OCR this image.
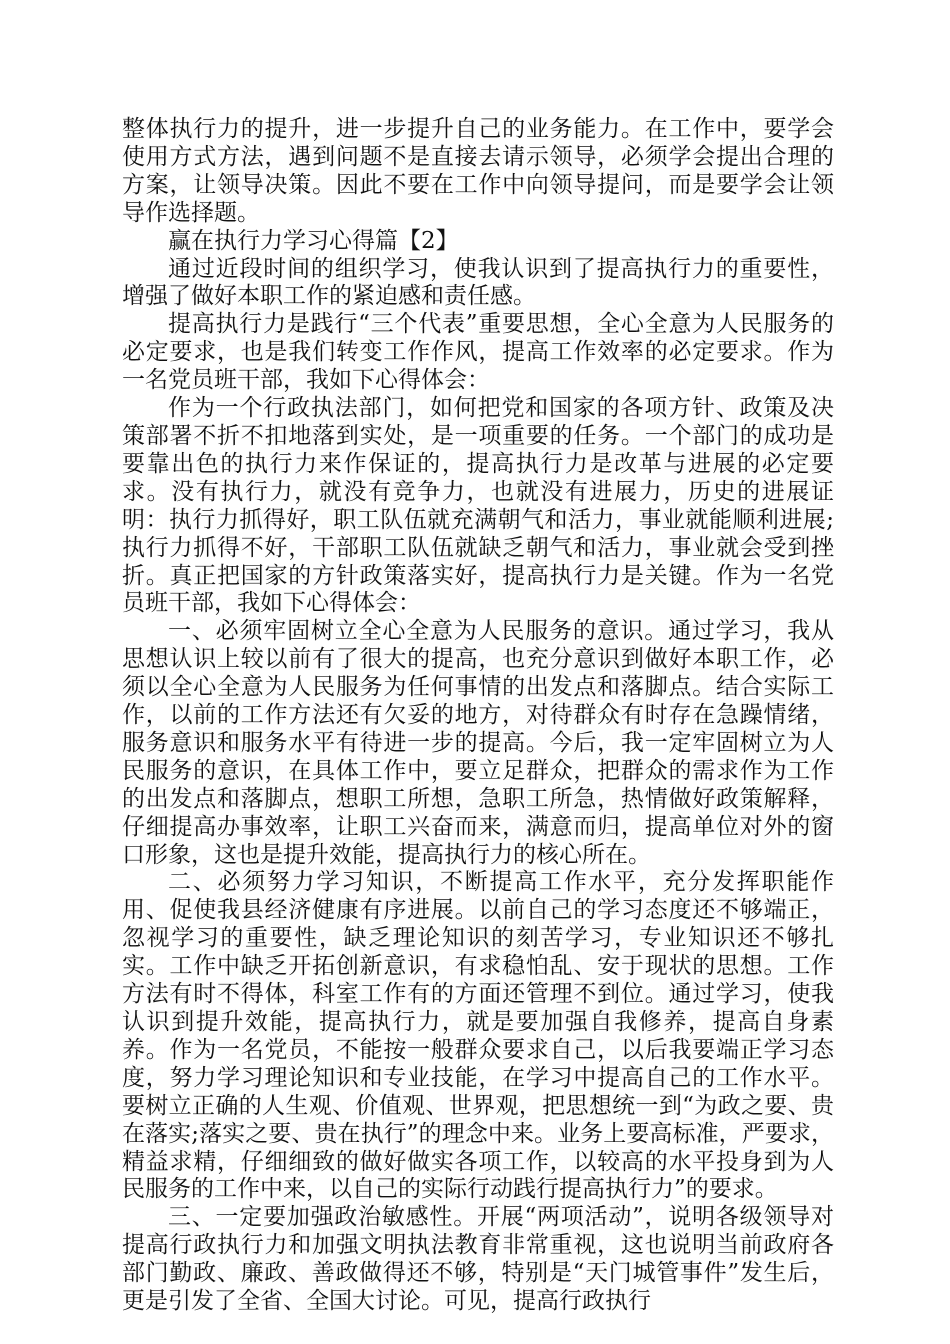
整体执行力的提升，进一步提升自己的业务能力。在工作中，要学会使用方式方法，遇到问题不是直接去请示领导，必须学会提出合理的方案，让领导决策。因此不要在工作中向领导提问，而是要学会让领导作选择题。

赢在执行力学习心得篇【2】

通过近段时间的组织学习，使我认识到了提高执行力的重要性，增强了做好本职工作的紧迫感和责任感。

提高执行力是践行“三个代表”重要思想，全心全意为人民服务的必定要求，也是我们转变工作作风，提高工作效率的必定要求。作为一名党员班干部，我如下心得体会：

作为一个行政执法部门，如何把党和国家的各项方针、政策及决策部署不折不扣地落到实处，是一项重要的任务。一个部门的成功是要靠出色的执行力来作保证的，提高执行力是改革与进展的必定要求。没有执行力，就没有竞争力，也就没有进展力，历史的进展证明：执行力抓得好，职工队伍就充满朝气和活力，事业就能顺利进展;执行力抓得不好，干部职工队伍就缺乏朝气和活力，事业就会受到挫折。真正把国家的方针政策落实好，提高执行力是关键。作为一名党员班干部，我如下心得体会：

一、必须牢固树立全心全意为人民服务的意识。通过学习，我从思想认识上较以前有了很大的提高，也充分意识到做好本职工作，必须以全心全意为人民服务为任何事情的出发点和落脚点。结合实际工作，以前的工作方法还有欠妥的地方，对待群众有时存在急躁情绪，服务意识和服务水平有待进一步的提高。今后，我一定牢固树立为人民服务的意识，在具体工作中，要立足群众，把群众的需求作为工作的出发点和落脚点，想职工所想，急职工所急，热情做好政策解释，仔细提高办事效率，让职工兴奋而来，满意而归，提高单位对外的窗口形象，这也是提升效能，提高执行力的核心所在。

二、必须努力学习知识，不断提高工作水平，充分发挥职能作用、促使我县经济健康有序进展。以前自己的学习态度还不够端正，忽视学习的重要性，缺乏理论知识的刻苦学习，专业知识还不够扎实。工作中缺乏开拓创新意识，有求稳怕乱、安于现状的思想。工作方法有时不得体，科室工作有的方面还管理不到位。通过学习，使我认识到提升效能，提高执行力，就是要加强自我修养，提高自身素养。作为一名党员，不能按一般群众要求自己，以后我要端正学习态度，努力学习理论知识和专业技能，在学习中提高自己的工作水平。要树立正确的人生观、价值观、世界观，把思想统一到“为政之要、贵在落实;落实之要、贵在执行”的理念中来。业务上要高标准，严要求，精益求精，仔细细致的做好做实各项工作，以较高的水平投身到为人民服务的工作中来，以自己的实际行动践行提高执行力”的要求。

三、一定要加强政治敏感性。开展“两项活动”，说明各级领导对提高行政执行力和加强文明执法教育非常重视，这也说明当前政府各部门勤政、廉政、善政做得还不够，特别是“天门城管事件”发生后，更是引发了全省、全国大讨论。可见，提高行政执行
